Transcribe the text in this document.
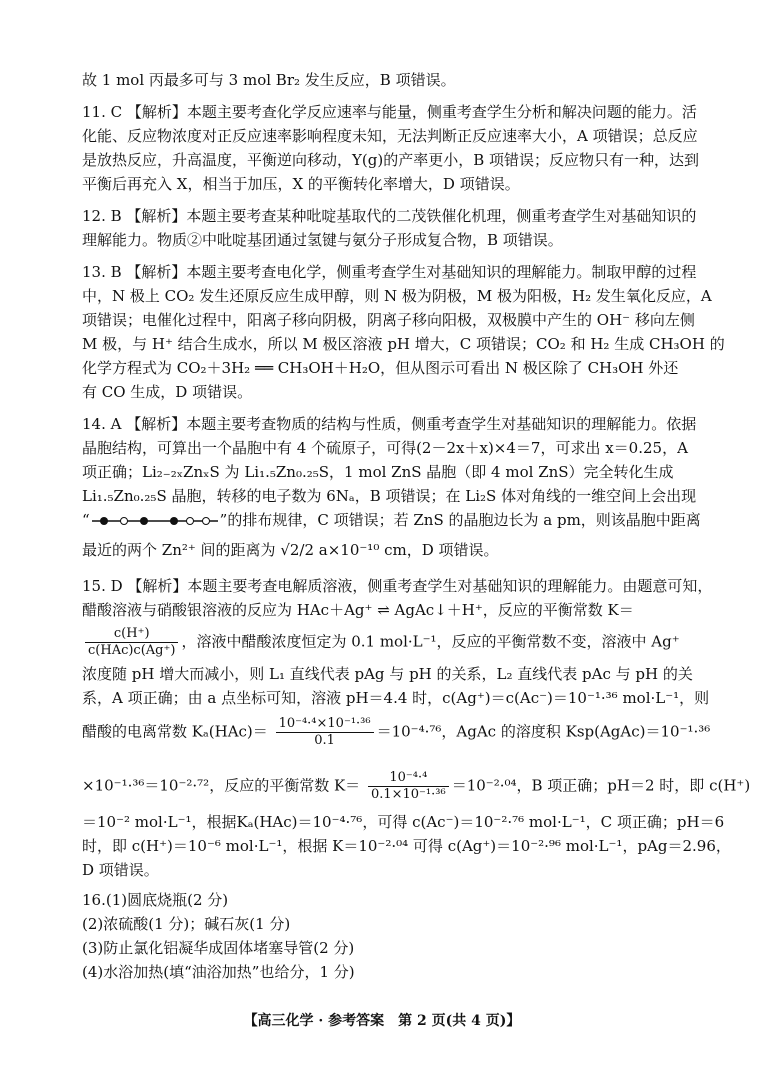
故 1 mol 丙最多可与 3 mol Br₂ 发生反应，B 项错误。
11. C 【解析】本题主要考查化学反应速率与能量，侧重考查学生分析和解决问题的能力。活
化能、反应物浓度对正反应速率影响程度未知，无法判断正反应速率大小，A 项错误；总反应
是放热反应，升高温度，平衡逆向移动，Y(g)的产率更小，B 项错误；反应物只有一种，达到
平衡后再充入 X，相当于加压，X 的平衡转化率增大，D 项错误。
12. B 【解析】本题主要考查某种吡啶基取代的二茂铁催化机理，侧重考查学生对基础知识的
理解能力。物质②中吡啶基团通过氢键与氨分子形成复合物，B 项错误。
13. B 【解析】本题主要考查电化学，侧重考查学生对基础知识的理解能力。制取甲醇的过程
中，N 极上 CO₂ 发生还原反应生成甲醇，则 N 极为阴极，M 极为阳极，H₂ 发生氧化反应，A
项错误；电催化过程中，阳离子移向阴极，阴离子移向阳极，双极膜中产生的 OH⁻ 移向左侧
M 极，与 H⁺ 结合生成水，所以 M 极区溶液 pH 增大，C 项错误；CO₂ 和 H₂ 生成 CH₃OH 的
化学方程式为 CO₂＋3H₂ ══ CH₃OH＋H₂O，但从图示可看出 N 极区除了 CH₃OH 外还
有 CO 生成，D 项错误。
14. A 【解析】本题主要考查物质的结构与性质，侧重考查学生对基础知识的理解能力。依据
晶胞结构，可算出一个晶胞中有 4 个硫原子，可得(2－2x＋x)×4＝7，可求出 x＝0.25，A
项正确；Li₂₋₂ₓZnₓS 为 Li₁.₅Zn₀.₂₅S，1 mol ZnS 晶胞（即 4 mol ZnS）完全转化生成
Li₁.₅Zn₀.₂₅S 晶胞，转移的电子数为 6Nₐ，B 项错误；在 Li₂S 体对角线的一维空间上会出现
“	”的排布规律，C 项错误；若 ZnS 的晶胞边长为 a pm，则该晶胞中距离
最近的两个 Zn²⁺ 间的距离为 √2/2 a×10⁻¹⁰ cm，D 项错误。
15. D 【解析】本题主要考查电解质溶液，侧重考查学生对基础知识的理解能力。由题意可知，
醋酸溶液与硝酸银溶液的反应为 HAc＋Ag⁺ ⇌ AgAc↓＋H⁺，反应的平衡常数 K＝
$\frac{c(H^+)}{\text{c(HAc)c(Ag⁺)}}$ ，溶液中醋酸浓度恒定为 0.1 mol·L⁻¹，反应的平衡常数不变，溶液中 Ag⁺
浓度随 pH 增大而减小，则 L₁ 直线代表 pAg 与 pH 的关系，L₂ 直线代表 pAc 与 pH 的关
系，A 项正确；由 a 点坐标可知，溶液 pH＝4.4 时，c(Ag⁺)＝c(Ac⁻)＝10⁻¹·³⁶ mol·L⁻¹，则
醋酸的电离常数 $K_a(HAc)= \frac{\text{10⁻⁴·⁴×10⁻¹·³⁶}}{0.1} =10^{-4}\cdot^{76}$，AgAc 的溶度积 Ksp(AgAc)＝10⁻¹·³⁶
×10⁻¹·³⁶＝10⁻²·⁷²，反应的平衡常数 $K= \frac{\text{10⁻⁴·⁴}}{\text{0.1×10⁻¹·³⁶}} =10^{-2}\cdot^{04}$，B 项正确；pH＝2 时，即 c(H⁺)
＝10⁻² mol·L⁻¹，根据Kₐ(HAc)＝10⁻⁴·⁷⁶，可得 c(Ac⁻)＝10⁻²·⁷⁶ mol·L⁻¹，C 项正确；pH＝6
时，即 c(H⁺)＝10⁻⁶ mol·L⁻¹，根据 K＝10⁻²·⁰⁴ 可得 c(Ag⁺)＝10⁻²·⁹⁶ mol·L⁻¹，pAg＝2.96，
D 项错误。
16.(1)圆底烧瓶(2 分)
(2)浓硫酸(1 分)；碱石灰(1 分)
(3)防止氯化铝凝华成固体堵塞导管(2 分)
(4)水浴加热(填“油浴加热”也给分，1 分)
【高三化学 · 参考答案　第 2 页(共 4 页)】
